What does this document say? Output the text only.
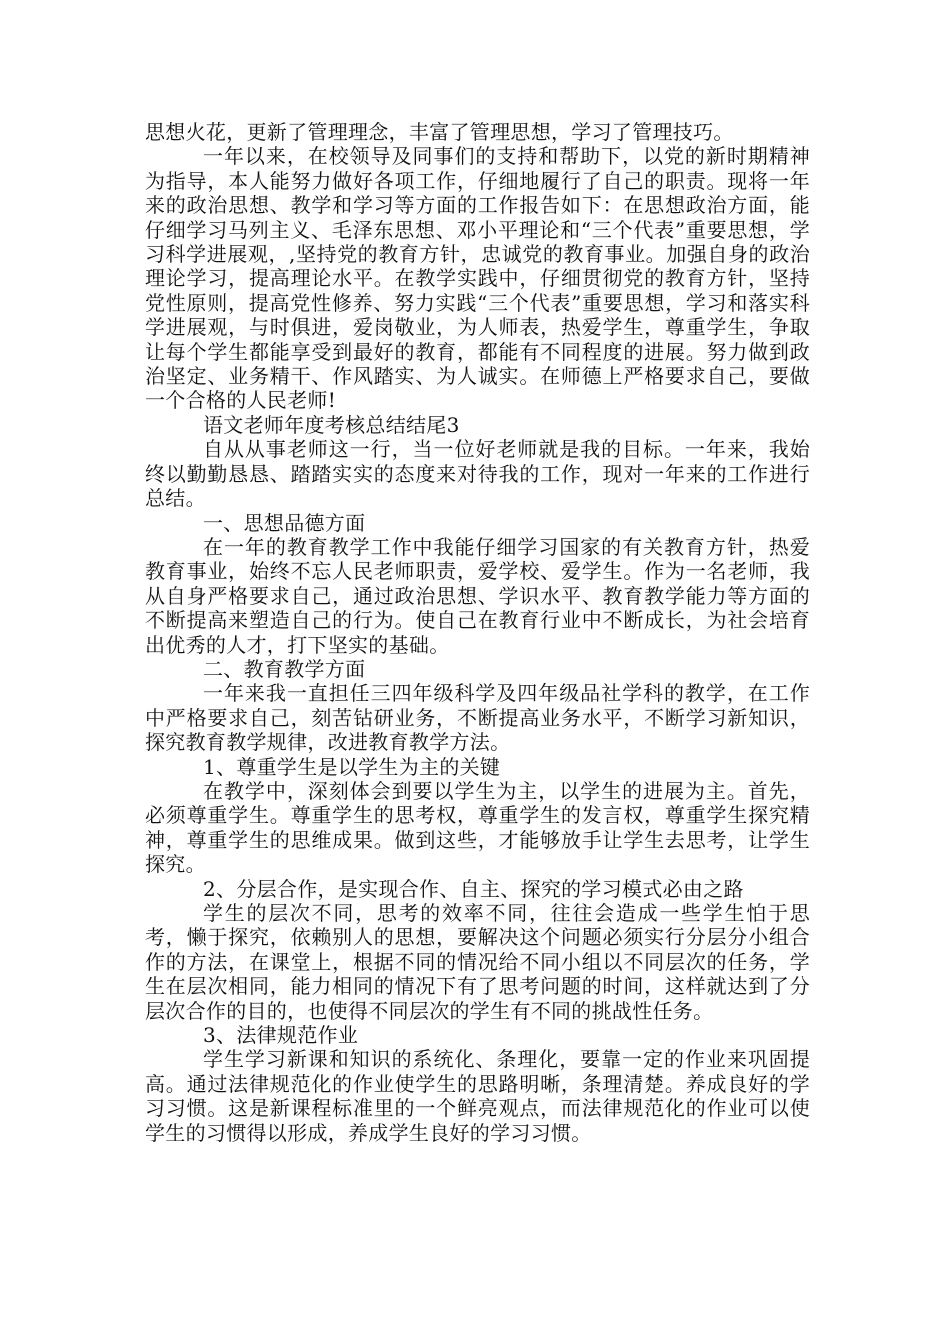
思想火花，更新了管理理念，丰富了管理思想，学习了管理技巧。

一年以来，在校领导及同事们的支持和帮助下，以党的新时期精神为指导，本人能努力做好各项工作，仔细地履行了自己的职责。现将一年来的政治思想、教学和学习等方面的工作报告如下：在思想政治方面，能仔细学习马列主义、毛泽东思想、邓小平理论和“三个代表”重要思想，学习科学进展观，,坚持党的教育方针，忠诚党的教育事业。加强自身的政治理论学习，提高理论水平。在教学实践中，仔细贯彻党的教育方针，坚持党性原则，提高党性修养、努力实践“三个代表”重要思想，学习和落实科学进展观，与时俱进，爱岗敬业，为人师表，热爱学生，尊重学生，争取让每个学生都能享受到最好的教育，都能有不同程度的进展。努力做到政治坚定、业务精干、作风踏实、为人诚实。在师德上严格要求自己，要做一个合格的人民老师!

语文老师年度考核总结结尾3

自从从事老师这一行，当一位好老师就是我的目标。一年来，我始终以勤勤恳恳、踏踏实实的态度来对待我的工作，现对一年来的工作进行总结。

一、思想品德方面

在一年的教育教学工作中我能仔细学习国家的有关教育方针，热爱教育事业，始终不忘人民老师职责，爱学校、爱学生。作为一名老师，我从自身严格要求自己，通过政治思想、学识水平、教育教学能力等方面的不断提高来塑造自己的行为。使自己在教育行业中不断成长，为社会培育出优秀的人才，打下坚实的基础。

二、教育教学方面

一年来我一直担任三四年级科学及四年级品社学科的教学，在工作中严格要求自己，刻苦钻研业务，不断提高业务水平，不断学习新知识，探究教育教学规律，改进教育教学方法。

1、尊重学生是以学生为主的关键

在教学中，深刻体会到要以学生为主，以学生的进展为主。首先，必须尊重学生。尊重学生的思考权，尊重学生的发言权，尊重学生探究精神，尊重学生的思维成果。做到这些，才能够放手让学生去思考，让学生探究。

2、分层合作，是实现合作、自主、探究的学习模式必由之路

学生的层次不同，思考的效率不同，往往会造成一些学生怕于思考，懒于探究，依赖别人的思想，要解决这个问题必须实行分层分小组合作的方法，在课堂上，根据不同的情况给不同小组以不同层次的任务，学生在层次相同，能力相同的情况下有了思考问题的时间，这样就达到了分层次合作的目的，也使得不同层次的学生有不同的挑战性任务。

3、法律规范作业

学生学习新课和知识的系统化、条理化，要靠一定的作业来巩固提高。通过法律规范化的作业使学生的思路明晰，条理清楚。养成良好的学习习惯。这是新课程标准里的一个鲜亮观点，而法律规范化的作业可以使学生的习惯得以形成，养成学生良好的学习习惯。
